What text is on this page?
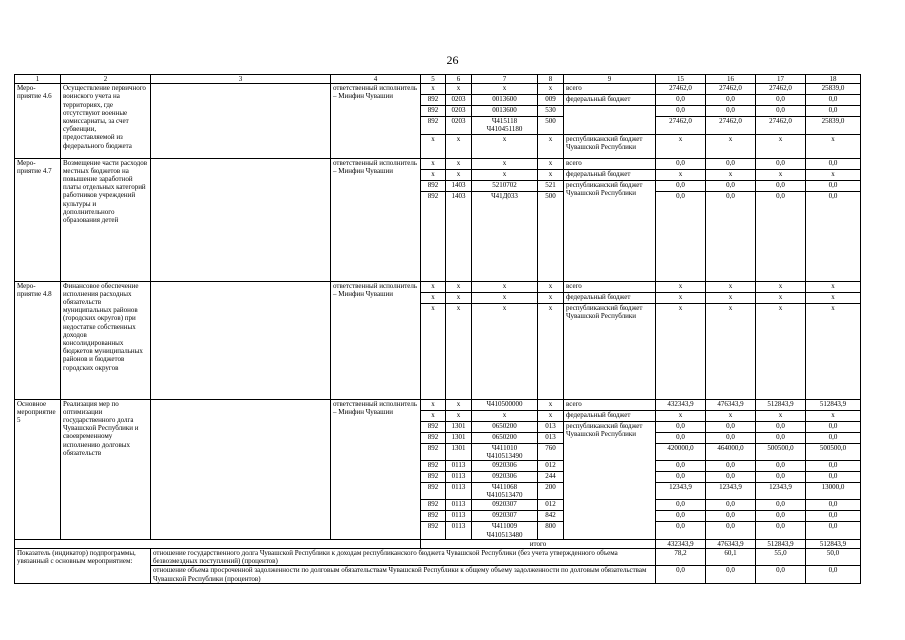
26
1	2	3	4	5	6	7	8	9	15	16	17	18
Меро-приятие 4.6	Осуществление первичного воинского учета на территориях, где отсутствуют военные комиссариаты, за счет субвенции, предоставляемой из федерального бюджета		ответственный исполнитель – Минфин Чувашии	х	х	х	х	всего	27462,0	27462,0	27462,0	25839,0
				892	0203	0013600	009	федеральный бюджет	0,0	0,0	0,0	0,0
				892	0203	0013600	530		0,0	0,0	0,0	0,0
				892	0203	Ч415118 Ч410451180	500		27462,0	27462,0	27462,0	25839,0
				х	х	х	х	республиканский бюджет Чувашской Республики	х	х	х	х
Меро-приятие 4.7	Возмещение части расходов местных бюджетов на повышение заработной платы отдельных категорий работников учреждений культуры и дополнительного образования детей		ответственный исполнитель – Минфин Чувашии	х	х	х	х	всего	0,0	0,0	0,0	0,0
				х	х	х	х	федеральный бюджет	х	х	х	х
				892	1403	5210702	521	республиканский бюджет Чувашской Республики	0,0	0,0	0,0	0,0
				892	1403	Ч41Д033	500		0,0	0,0	0,0	0,0
Меро-приятие 4.8	Финансовое обеспечение исполнения расходных обязательств муниципальных районов (городских округов) при недостатке собственных доходов консолидированных бюджетов муниципальных районов и бюджетов городских округов		ответственный исполнитель – Минфин Чувашии	х	х	х	х	всего	х	х	х	х
				х	х	х	х	федеральный бюджет	х	х	х	х
				х	х	х	х	республиканский бюджет Чувашской Республики	х	х	х	х
Основное мероприятие 5	Реализация мер по оптимизации государственного долга Чувашской Республики и своевременному исполнению долговых обязательств		ответственный исполнитель – Минфин Чувашии	х	х	Ч410500000	х	всего	432343,9	476343,9	512843,9	512843,9
				х	х	х	х	федеральный бюджет	х	х	х	х
				892	1301	0650200	013	республиканский бюджет Чувашской Республики	0,0	0,0	0,0	0,0
				892	1301	0650200	013		0,0	0,0	0,0	0,0
				892	1301	Ч411010 Ч410513490	760		420000,0	464000,0	500500,0	500500,0
				892	0113	0920306	012		0,0	0,0	0,0	0,0
				892	0113	0920306	244		0,0	0,0	0,0	0,0
				892	0113	Ч411068 Ч410513470	200		12343,9	12343,9	12343,9	13000,0
				892	0113	0920307	012		0,0	0,0	0,0	0,0
				892	0113	0920307	842		0,0	0,0	0,0	0,0
				892	0113	Ч411009 Ч410513480	800		0,0	0,0	0,0	0,0
				итого					432343,9	476343,9	512843,9	512843,9
Показатель (индикатор) подпрограммы, увязанный с основным мероприятием:		отношение государственного долга Чувашской Республики к доходам республиканского бюджета Чувашской Республики (без учета утвержденного объема безвозмездных поступлений) (процентов)							78,2	60,1	55,0	50,0
		отношение объема просроченной задолженности по долговым обязательствам Чувашской Республики к общему объему задолженности по долговым обязательствам Чувашской Республики (процентов)							0,0	0,0	0,0	0,0
